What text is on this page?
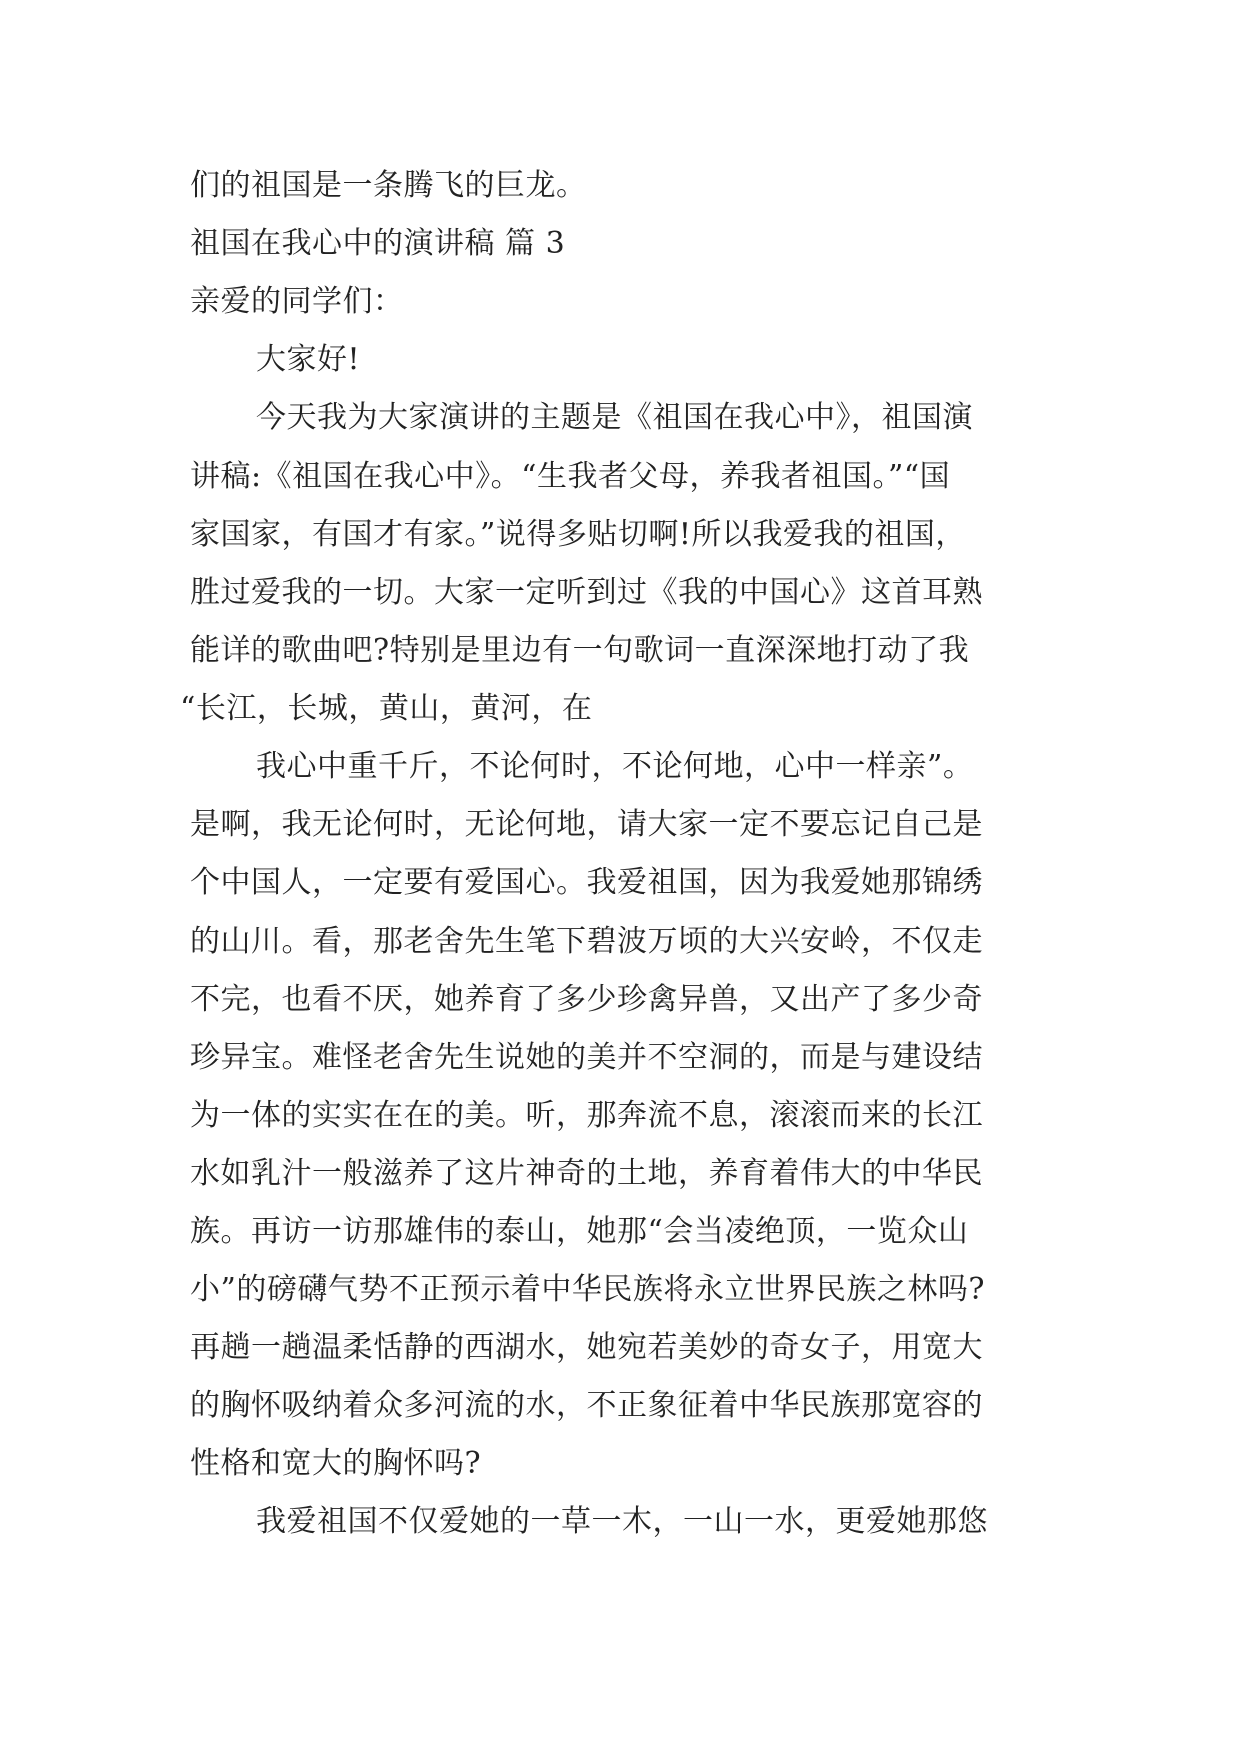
们的祖国是一条腾飞的巨龙。
祖国在我心中的演讲稿 篇 3
亲爱的同学们：
大家好!
今天我为大家演讲的主题是《祖国在我心中》，祖国演
讲稿:《祖国在我心中》。“生我者父母，养我者祖国。”“国
家国家，有国才有家。”说得多贴切啊!所以我爱我的祖国，
胜过爱我的一切。大家一定听到过《我的中国心》这首耳熟
能详的歌曲吧?特别是里边有一句歌词一直深深地打动了我
“长江，长城，黄山，黄河，在
我心中重千斤，不论何时，不论何地，心中一样亲”。
是啊，我无论何时，无论何地，请大家一定不要忘记自己是
个中国人，一定要有爱国心。我爱祖国，因为我爱她那锦绣
的山川。看，那老舍先生笔下碧波万顷的大兴安岭，不仅走
不完，也看不厌，她养育了多少珍禽异兽，又出产了多少奇
珍异宝。难怪老舍先生说她的美并不空洞的，而是与建设结
为一体的实实在在的美。听，那奔流不息，滚滚而来的长江
水如乳汁一般滋养了这片神奇的土地，养育着伟大的中华民
族。再访一访那雄伟的泰山，她那“会当凌绝顶，一览众山
小”的磅礴气势不正预示着中华民族将永立世界民族之林吗?
再趟一趟温柔恬静的西湖水，她宛若美妙的奇女子，用宽大
的胸怀吸纳着众多河流的水，不正象征着中华民族那宽容的
性格和宽大的胸怀吗?
我爱祖国不仅爱她的一草一木，一山一水，更爱她那悠
